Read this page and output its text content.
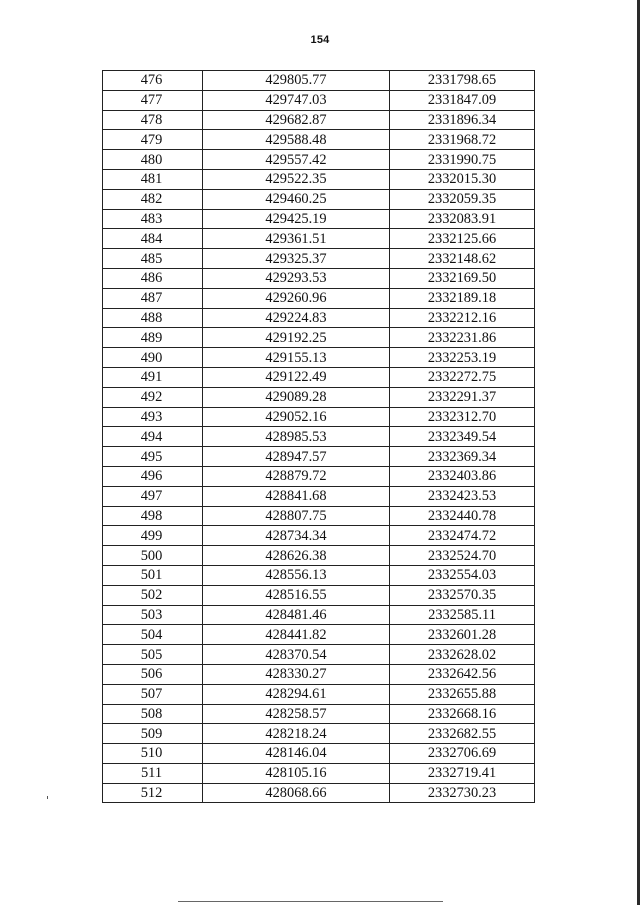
154
476	429805.77	2331798.65
477	429747.03	2331847.09
478	429682.87	2331896.34
479	429588.48	2331968.72
480	429557.42	2331990.75
481	429522.35	2332015.30
482	429460.25	2332059.35
483	429425.19	2332083.91
484	429361.51	2332125.66
485	429325.37	2332148.62
486	429293.53	2332169.50
487	429260.96	2332189.18
488	429224.83	2332212.16
489	429192.25	2332231.86
490	429155.13	2332253.19
491	429122.49	2332272.75
492	429089.28	2332291.37
493	429052.16	2332312.70
494	428985.53	2332349.54
495	428947.57	2332369.34
496	428879.72	2332403.86
497	428841.68	2332423.53
498	428807.75	2332440.78
499	428734.34	2332474.72
500	428626.38	2332524.70
501	428556.13	2332554.03
502	428516.55	2332570.35
503	428481.46	2332585.11
504	428441.82	2332601.28
505	428370.54	2332628.02
506	428330.27	2332642.56
507	428294.61	2332655.88
508	428258.57	2332668.16
509	428218.24	2332682.55
510	428146.04	2332706.69
511	428105.16	2332719.41
512	428068.66	2332730.23
